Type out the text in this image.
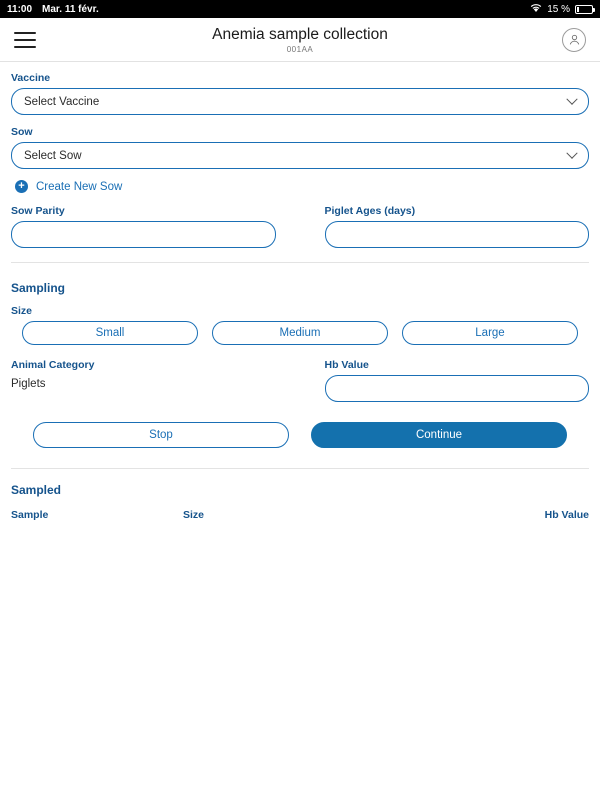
11:00 Mar. 11 févr.	15 %
Anemia sample collection
001AA
Vaccine
Select Vaccine
Sow
Select Sow
+ Create New Sow
Sow Parity	Piglet Ages (days)
Sampling
Size
Small	Medium	Large
Animal Category
Piglets
Hb Value
Stop	Continue
Sampled
Sample	Size	Hb Value
